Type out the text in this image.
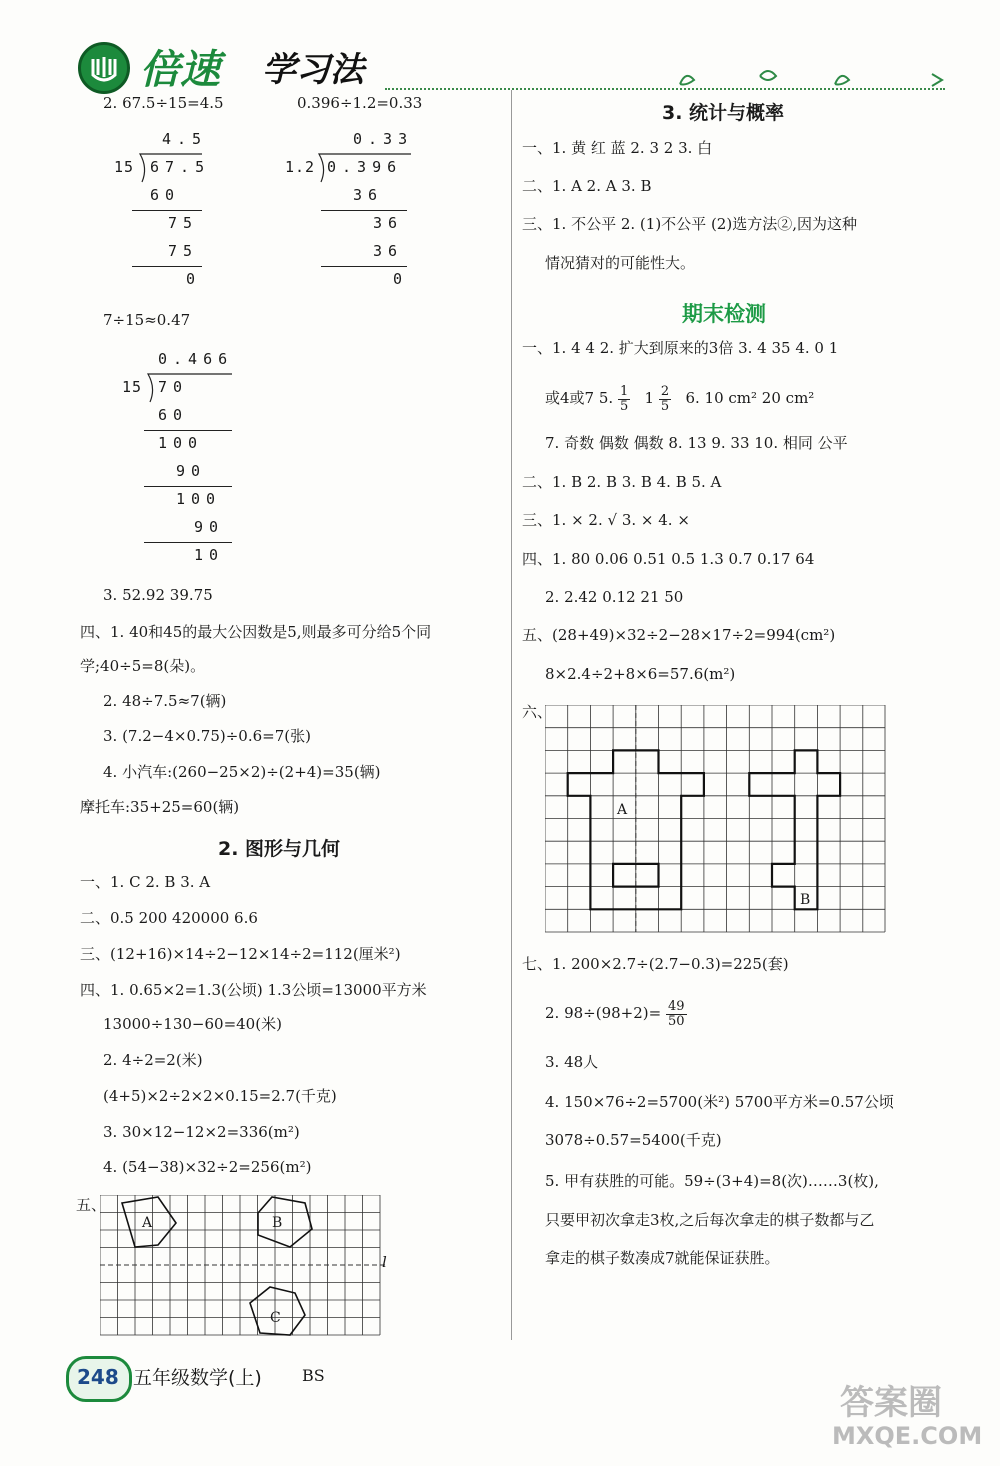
倍速 学习法
2. 67.5÷15=4.5	0.396÷1.2=0.33
4.5
15 67.5
60
75
75
0
0.33
1.2 0.396
36
36
36
0
7÷15≈0.47
0.466
15 70
60
100
90
100
90
10
3. 52.92 39.75
四、1. 40和45的最大公因数是5,则最多可分给5个同
学;40÷5=8(朵)。
2. 48÷7.5≈7(辆)
3. (7.2−4×0.75)÷0.6=7(张)
4. 小汽车:(260−25×2)÷(2+4)=35(辆)
摩托车:35+25=60(辆)
2. 图形与几何
一、1. C 2. B 3. A
二、0.5 200 420000 6.6
三、(12+16)×14÷2−12×14÷2=112(厘米²)
四、1. 0.65×2=1.3(公顷) 1.3公顷=13000平方米
13000÷130−60=40(米)
2. 4÷2=2(米)
(4+5)×2÷2×2×0.15=2.7(千克)
3. 30×12−12×2=336(m²)
4. (54−38)×32÷2=256(m²)
五、
A	B
C
l
3. 统计与概率
一、1. 黄 红 蓝 2. 3 2 3. 白
二、1. A 2. A 3. B
三、1. 不公平 2. (1)不公平 (2)选方法②,因为这种
情况猜对的可能性大。
期末检测
一、1. 4 4 2. 扩大到原来的3倍 3. 4 35 4. 0 1
或4或7 5. $\frac{1}{5} 1 \frac{2}{5} 6$. 10 cm² 20 cm²
7. 奇数 偶数 偶数 8. 13 9. 33 10. 相同 公平
二、1. B 2. B 3. B 4. B 5. A
三、1. × 2. √ 3. × 4. ×
四、1. 80 0.06 0.51 0.5 1.3 0.7 0.17 64
2. 2.42 0.12 21 50
五、(28+49)×32÷2−28×17÷2=994(cm²)
8×2.4÷2+8×6=57.6(m²)
六、
A
B
七、1. 200×2.7÷(2.7−0.3)=225(套)
2. $98\div(98+2)= \frac{49}{50}$
3. 48人
4. 150×76÷2=5700(米²) 5700平方米=0.57公顷
3078÷0.57=5400(千克)
5. 甲有获胜的可能。59÷(3+4)=8(次)……3(枚),
只要甲初次拿走3枚,之后每次拿走的棋子数都与乙
拿走的棋子数凑成7就能保证获胜。
248 五年级数学(上)	BS
答案圈
MXQE.COM
